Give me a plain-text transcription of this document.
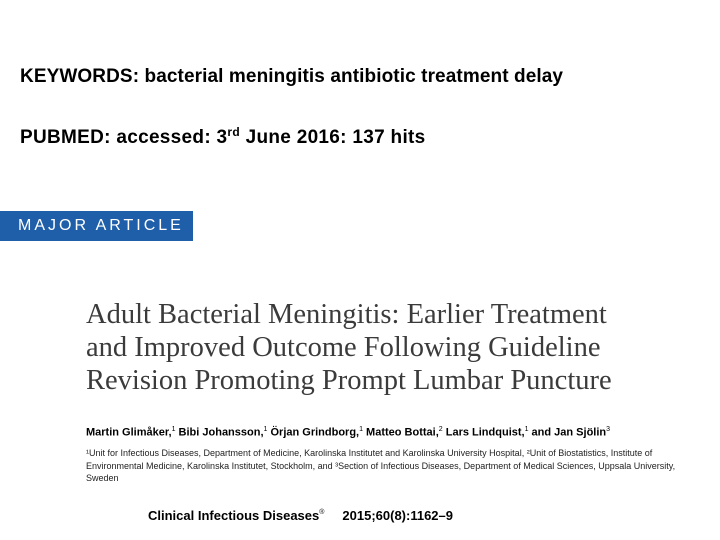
KEYWORDS: bacterial meningitis antibiotic treatment delay
PUBMED: accessed: 3rd June 2016: 137 hits
MAJOR ARTICLE
Adult Bacterial Meningitis: Earlier Treatment
and Improved Outcome Following Guideline
Revision Promoting Prompt Lumbar Puncture
Martin Glimåker,$^1$ Bibi Johansson,$^1$ Örjan Grindborg,$^1$ Matteo Bottai,$^2$ Lars Lindquist,$^1$ and Jan Sjölin$^3$
¹Unit for Infectious Diseases, Department of Medicine, Karolinska Institutet and Karolinska University Hospital, ²Unit of Biostatistics, Institute of
Environmental Medicine, Karolinska Institutet, Stockholm, and ³Section of Infectious Diseases, Department of Medical Sciences, Uppsala University,
Sweden
Clinical Infectious Diseases® 2015;60(8):1162–9
